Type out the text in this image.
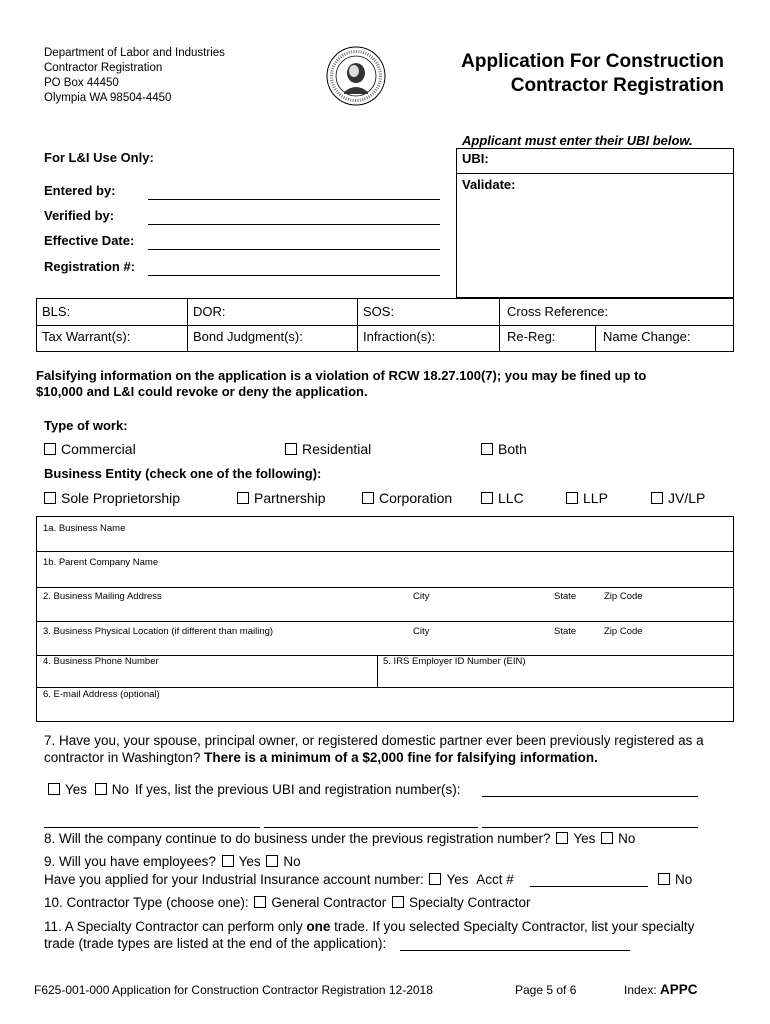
Department of Labor and Industries
Contractor Registration
PO Box 44450
Olympia WA 98504-4450
Application For Construction
Contractor Registration
For L&I Use Only:
Entered by:
Verified by:
Effective Date:
Registration #:
Applicant must enter their UBI below.
UBI:
Validate:
BLS:	DOR:	SOS:	Cross Reference:
Tax Warrant(s):	Bond Judgment(s):	Infraction(s):	Re-Reg:	Name Change:
Falsifying information on the application is a violation of RCW 18.27.100(7); you may be fined up to
$10,000 and L&I could revoke or deny the application.
Type of work:
Commercial	Residential	Both
Business Entity (check one of the following):
Sole Proprietorship	Partnership	Corporation	LLC	LLP	JV/LP
1a. Business Name
1b. Parent Company Name
2. Business Mailing Address	City	State	Zip Code
3. Business Physical Location (if different than mailing)	City	State	Zip Code
4. Business Phone Number	5. IRS Employer ID Number (EIN)
6. E-mail Address (optional)
7. Have you, your spouse, principal owner, or registered domestic partner ever been previously registered as a
contractor in Washington? There is a minimum of a $2,000 fine for falsifying information.
Yes No If yes, list the previous UBI and registration number(s):
8. Will the company continue to do business under the previous registration number? Yes No
9. Will you have employees? Yes No
Have you applied for your Industrial Insurance account number: Yes Acct #	No
10. Contractor Type (choose one): General Contractor Specialty Contractor
11. A Specialty Contractor can perform only one trade. If you selected Specialty Contractor, list your specialty
trade (trade types are listed at the end of the application):
F625-001-000 Application for Construction Contractor Registration 12-2018	Page 5 of 6	Index: APPC
